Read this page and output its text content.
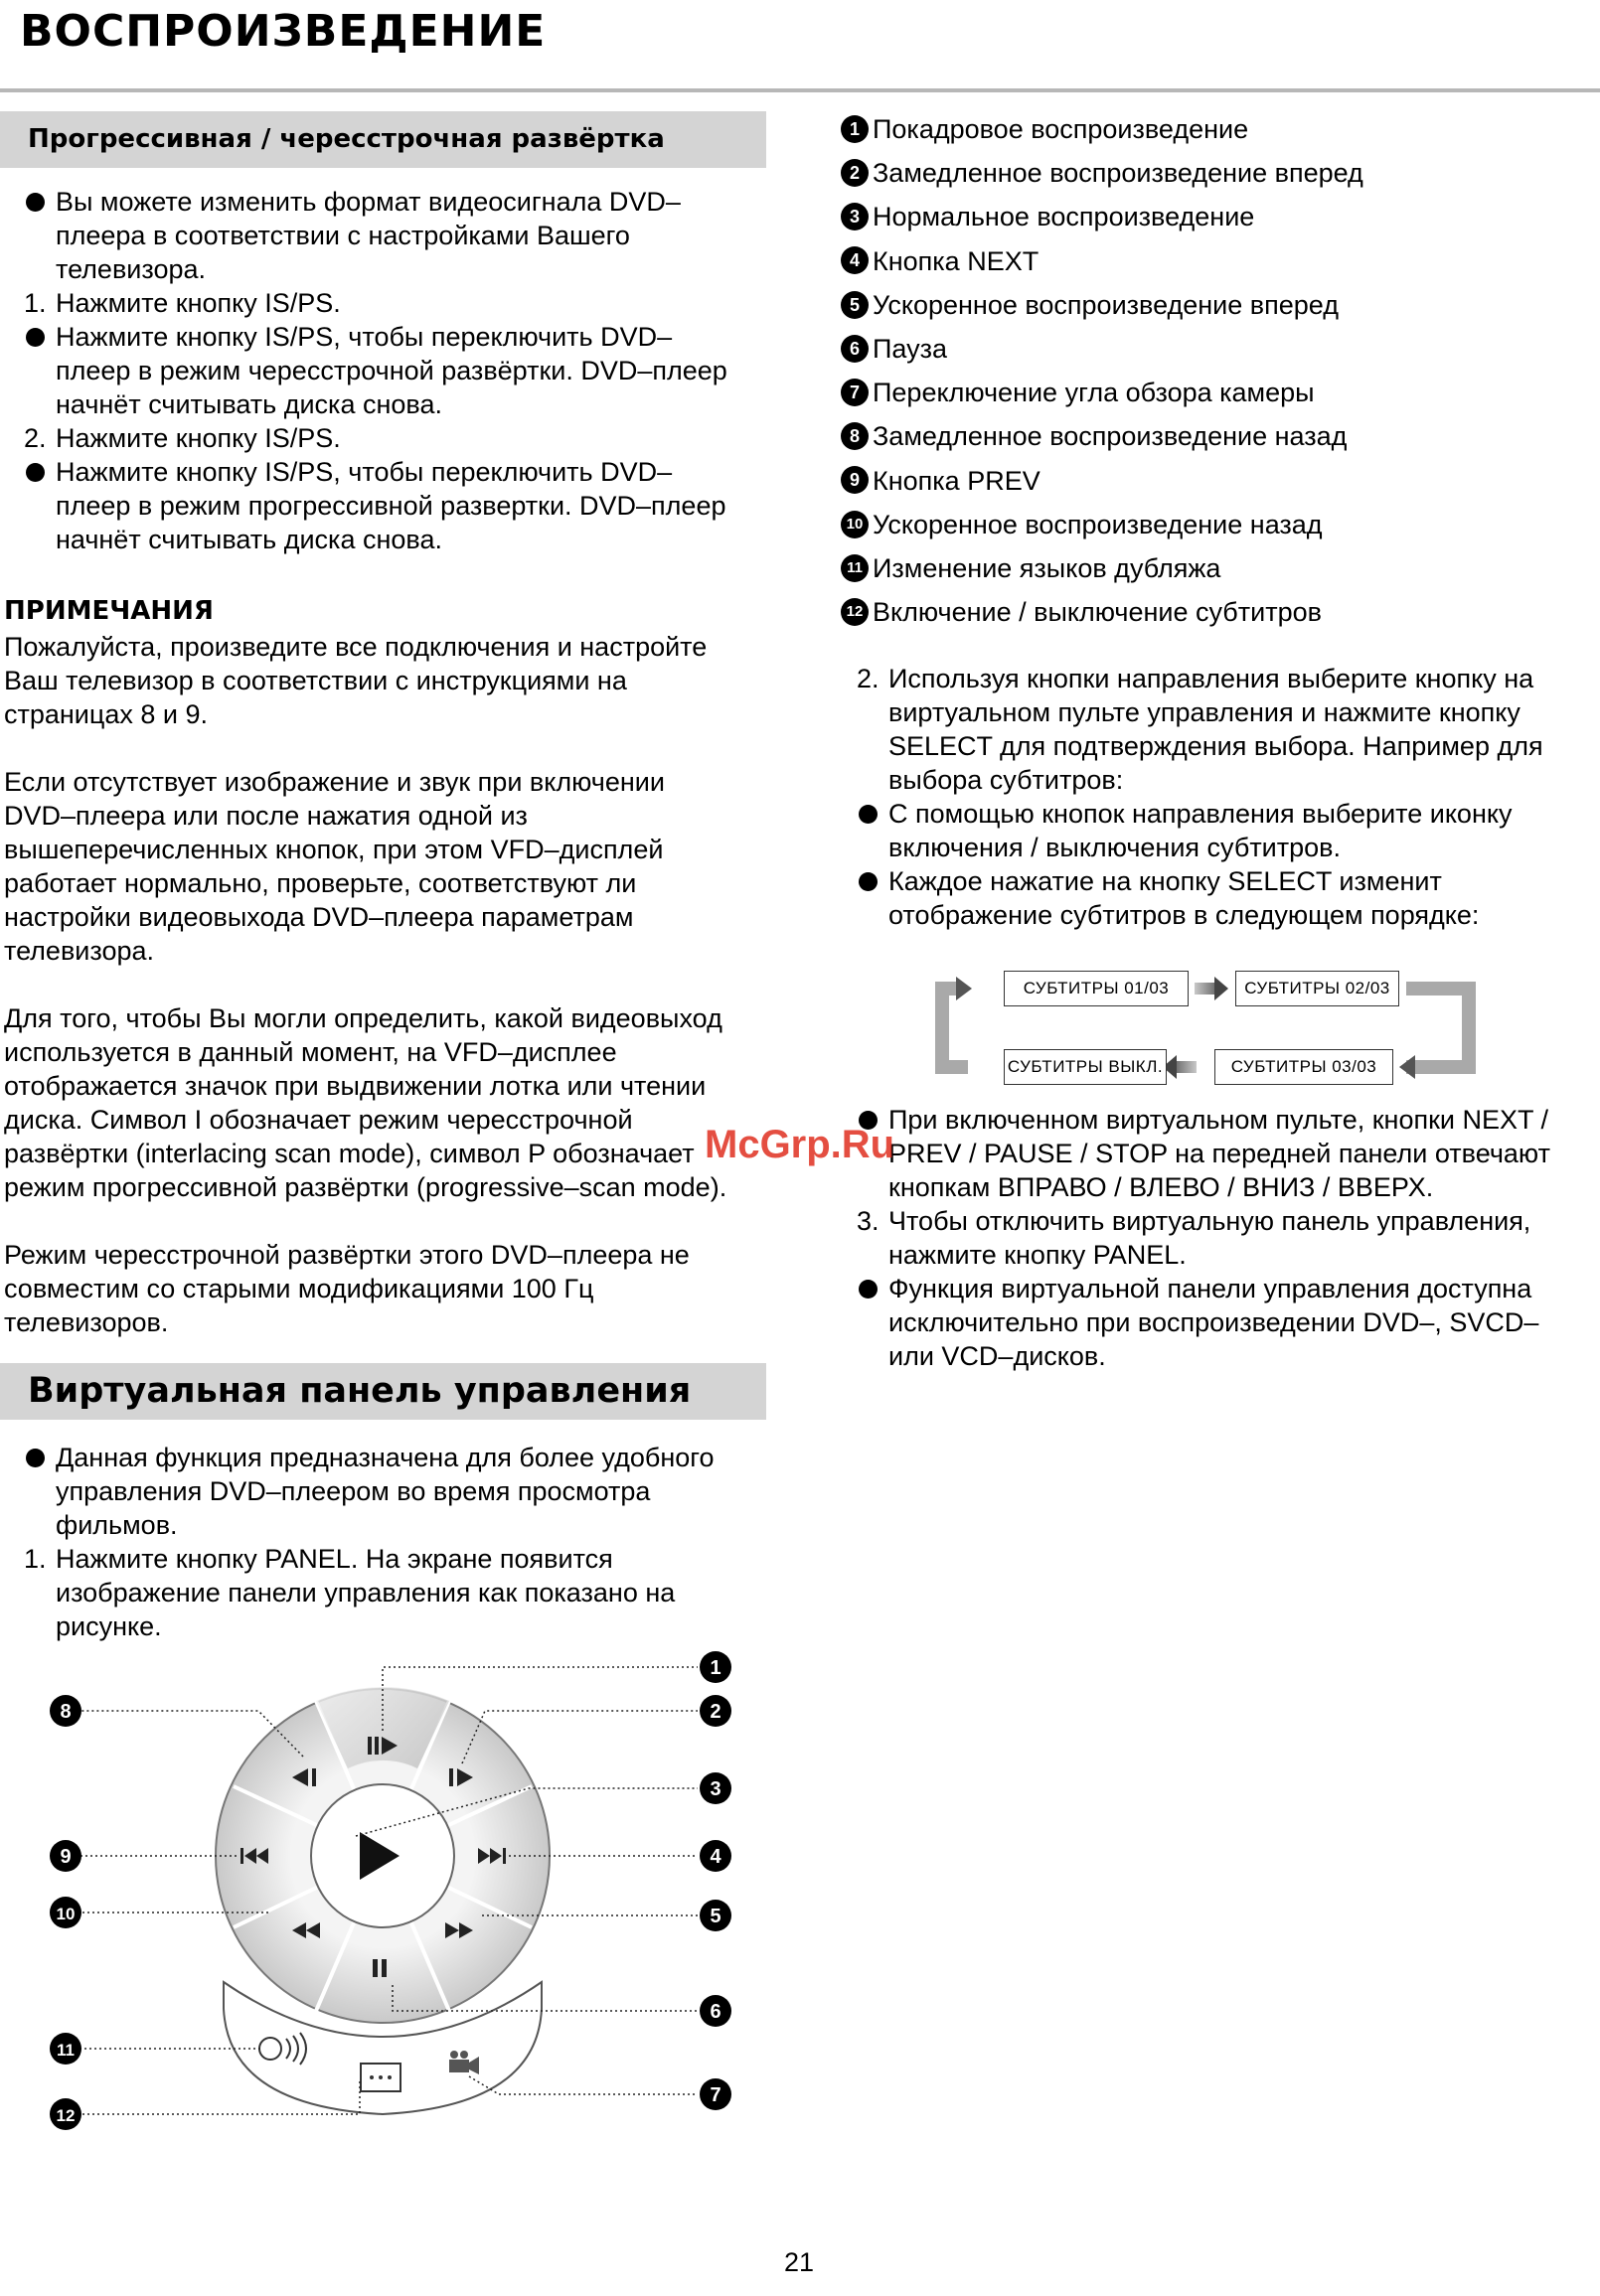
ВОСПРОИЗВЕДЕНИЕ
Прогрессивная / чересстрочная развёртка

Вы можете изменить формат видеосигнала DVD–

плеера в соответствии с настройками Вашего

телевизора.

1. Нажмите кнопку IS/PS.

Нажмите кнопку IS/PS, чтобы переключить DVD–

плеер в режим чересстрочной развёртки. DVD–плеер

начнёт считывать диска снова.

2. Нажмите кнопку IS/PS.

Нажмите кнопку IS/PS, чтобы переключить DVD–

плеер в режим прогрессивной развертки. DVD–плеер

начнёт считывать диска снова.

ПРИМЕЧАНИЯ

Пожалуйста, произведите все подключения и настройте

Ваш телевизор в соответствии с инструкциями на

страницах 8 и 9.

Если отсутствует изображение и звук при включении

DVD–плеера или после нажатия одной из

вышеперечисленных кнопок, при этом VFD–дисплей

работает нормально, проверьте, соответствуют ли

настройки видеовыхода DVD–плеера параметрам

телевизора.

Для того, чтобы Вы могли определить, какой видеовыход

используется в данный момент, на VFD–дисплее

отображается значок при выдвижении лотка или чтении

диска. Символ I обозначает режим чересстрочной

развёртки (interlacing scan mode), символ P обозначает

режим прогрессивной развёртки (progressive–scan mode).

Режим чересстрочной развёртки этого DVD–плеера не

совместим со старыми модификациями 100 Гц

телевизоров.

Виртуальная панель управления

Данная функция предназначена для более удобного

управления DVD–плеером во время просмотра фильмов.

1. Нажмите кнопку PANEL. На экране появится

изображение панели управления как показано на

рисунке.

1 Покадровое воспроизведение
2 Замедленное воспроизведение вперед
3 Нормальное воспроизведение
4 Кнопка NEXT
5 Ускоренное воспроизведение вперед
6 Пауза
7 Переключение угла обзора камеры
8 Замедленное воспроизведение назад
9 Кнопка PREV
10 Ускоренное воспроизведение назад
11 Изменение языков дубляжа
12 Включение / выключение субтитров
2. Используя кнопки направления выберите кнопку на

виртуальном пульте управления и нажмите кнопку

SELECT для подтверждения выбора. Например для

выбора субтитров:

С помощью кнопок направления выберите иконку

включения / выключения субтитров.

Каждое нажатие на кнопку SELECT изменит

отображение субтитров в следующем порядке:

СУБТИТРЫ 01/03	СУБТИТРЫ 02/03
СУБТИТРЫ 03/03
СУБТИТРЫ ВЫКЛ.

При включенном виртуальном пульте, кнопки NEXT /

PREV / PAUSE / STOP на передней панели отвечают

кнопкам ВПРАВО / ВЛЕВО / ВНИЗ / ВВЕРХ.

3. Чтобы отключить виртуальную панель управления,

нажмите кнопку PANEL.

Функция виртуальной панели управления доступна

исключительно при воспроизведении DVD–, SVCD–

или VCD–дисков.

1
2
3
4
5
6
7
8
9
10
11
12
McGrp.Ru
21
